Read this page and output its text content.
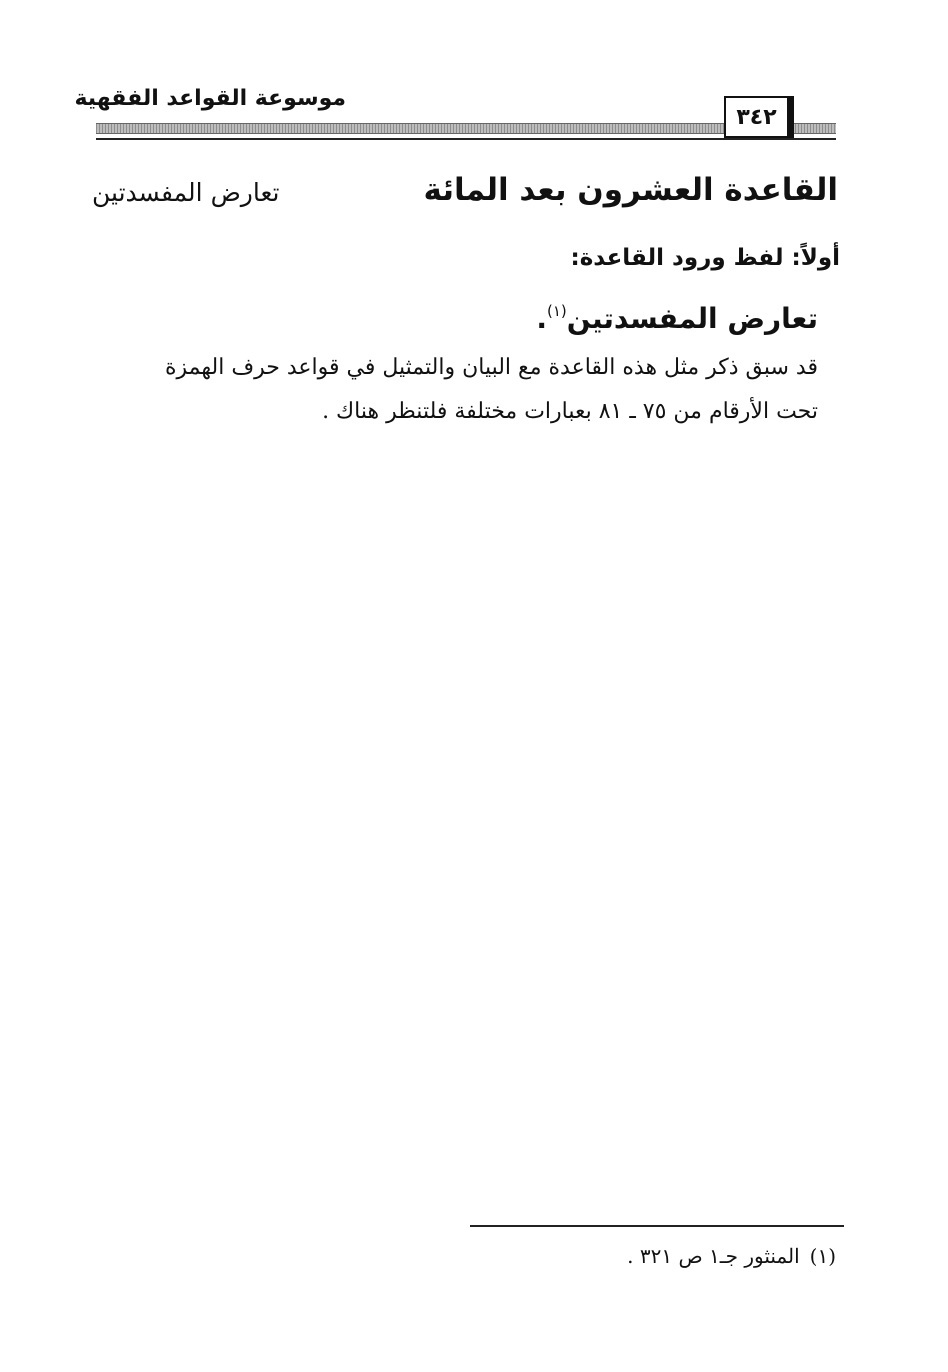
موسوعة القواعد الفقهية
٣٤٢
القاعدة العشرون بعد المائة
تعارض المفسدتين
أولاً: لفظ ورود القاعدة:
تعارض المفسدتين$^{(١)}$.

قد سبق ذكر مثل هذه القاعدة مع البيان والتمثيل في قواعد حرف الهمزة

تحت الأرقام من ٧٥ ـ ٨١ بعبارات مختلفة فلتنظر هناك .

(١)المنثور جـ١ ص ٣٢١ .
